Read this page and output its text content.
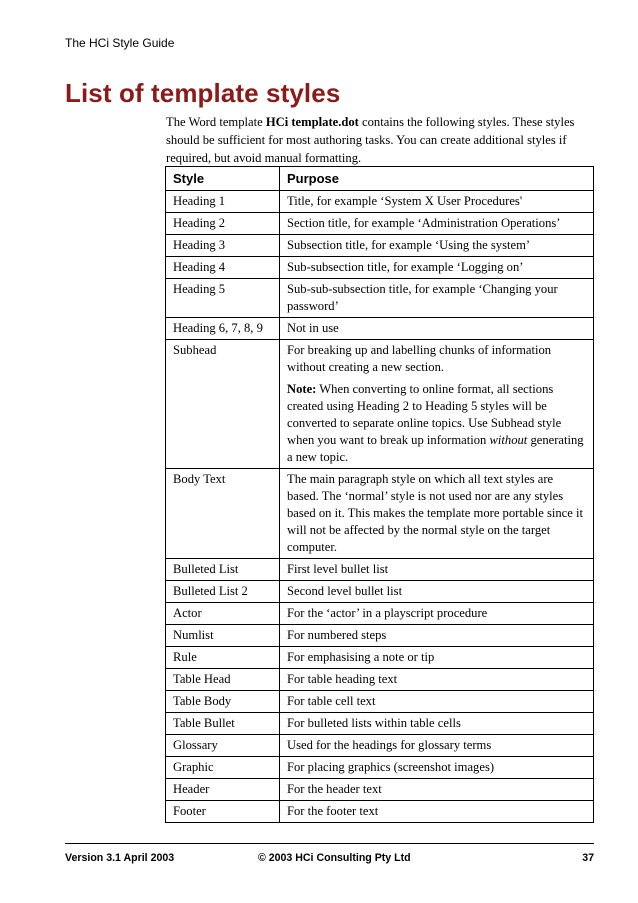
The HCi Style Guide
List of template styles

The Word template HCi template.dot contains the following styles. These styles should be sufficient for most authoring tasks. You can create additional styles if required, but avoid manual formatting.

Style	Purpose
Heading 1	Title, for example ‘System X User Procedures'
Heading 2	Section title, for example ‘Administration Operations’
Heading 3	Subsection title, for example ‘Using the system’
Heading 4	Sub-subsection title, for example ‘Logging on’
Heading 5	Sub-sub-subsection title, for example ‘Changing your password’
Heading 6, 7, 8, 9	Not in use
Subhead	For breaking up and labelling chunks of information without creating a new section.
Note: When converting to online format, all sections created using Heading 2 to Heading 5 styles will be converted to separate online topics. Use Subhead style when you want to break up information without generating a new topic.

Body Text	The main paragraph style on which all text styles are based. The ‘normal’ style is not used nor are any styles based on it. This makes the template more portable since it will not be affected by the normal style on the target computer.
Bulleted List	First level bullet list
Bulleted List 2	Second level bullet list
Actor	For the ‘actor’ in a playscript procedure
Numlist	For numbered steps
Rule	For emphasising a note or tip
Table Head	For table heading text
Table Body	For table cell text
Table Bullet	For bulleted lists within table cells
Glossary	Used for the headings for glossary terms
Graphic	For placing graphics (screenshot images)
Header	For the header text
Footer	For the footer text
Version 3.1 April 2003	© 2003 HCi Consulting Pty Ltd	37
